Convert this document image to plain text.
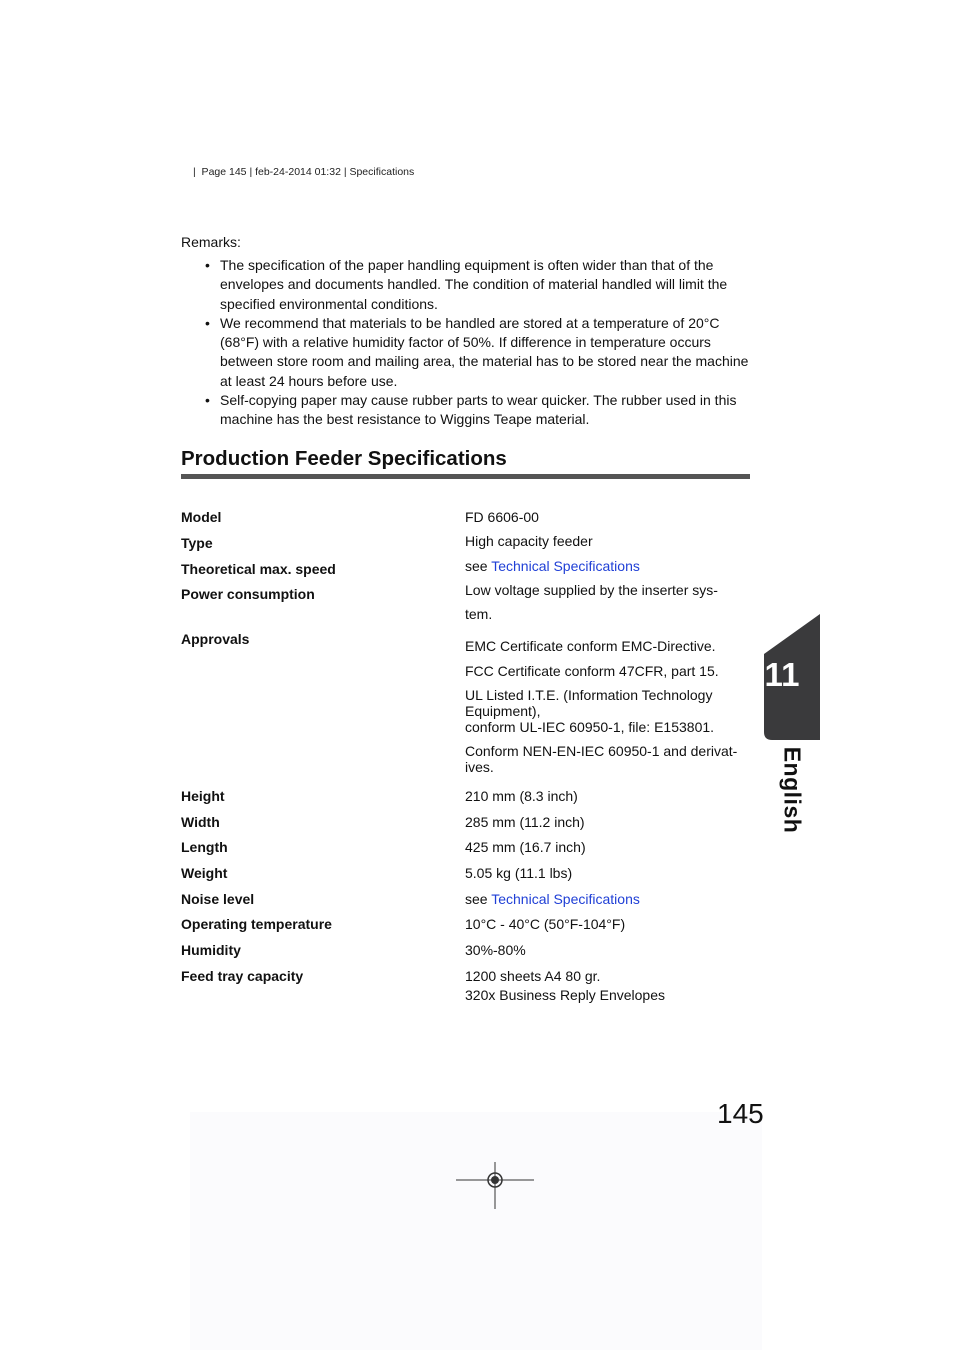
|  Page 145 | feb-24-2014 01:32 | Specifications
Remarks:
• The specification of the paper handling equipment is often wider than that of the envelopes and documents handled. The condition of material handled will limit the specified environmental conditions.
• We recommend that materials to be handled are stored at a temperature of 20°C (68°F) with a relative humidity factor of 50%. If difference in temperature occurs between store room and mailing area, the material has to be stored near the machine at least 24 hours before use.
• Self-copying paper may cause rubber parts to wear quicker. The rubber used in this machine has the best resistance to Wiggins Teape material.
Production Feeder Specifications
Model	FD 6606-00
Type	High capacity feeder
Theoretical max. speed	see Technical Specifications
Power consumption	Low voltage supplied by the inserter sys-
tem.
Approvals	EMC Certificate conform EMC-Directive.
FCC Certificate conform 47CFR, part 15.
UL Listed I.T.E. (Information Technology
Equipment),
conform UL-IEC 60950-1, file: E153801.
Conform NEN-EN-IEC 60950-1 and derivat-
ives.
Height	210 mm (8.3 inch)
Width	285 mm (11.2 inch)
Length	425 mm (16.7 inch)
Weight	5.05 kg (11.1 lbs)
Noise level	see Technical Specifications
Operating temperature	10°C - 40°C (50°F-104°F)
Humidity	30%-80%
Feed tray capacity	1200 sheets A4 80 gr.
320x Business Reply Envelopes
11
English
145
